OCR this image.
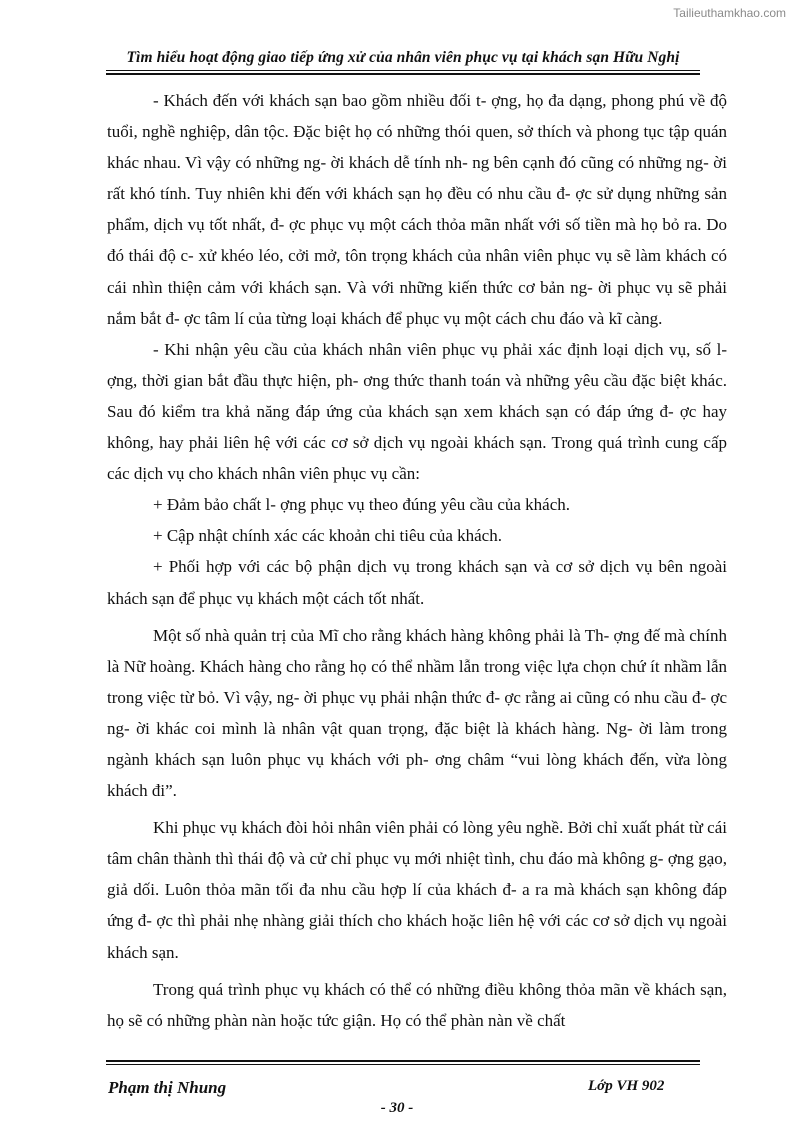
Tailieuthamkhao.com
Tìm hiểu hoạt động giao tiếp ứng xử của nhân viên phục vụ tại khách sạn Hữu Nghị

- Khách đến với khách sạn bao gồm nhiều đối t- ợng, họ đa dạng, phong phú về độ tuổi, nghề nghiệp, dân tộc. Đặc biệt họ có những thói quen, sở thích và phong tục tập quán khác nhau. Vì vậy có những ng- ời khách dễ tính nh- ng bên cạnh đó cũng có những ng- ời rất khó tính. Tuy nhiên khi đến với khách sạn họ đều có nhu cầu đ- ợc sử dụng những sản phẩm, dịch vụ tốt nhất, đ- ợc phục vụ một cách thỏa mãn nhất với số tiền mà họ bỏ ra. Do đó thái độ c- xử khéo léo, cởi mở, tôn trọng khách của nhân viên phục vụ sẽ làm khách có cái nhìn thiện cảm với khách sạn. Và với những kiến thức cơ bản ng- ời phục vụ sẽ phải nắm bắt đ- ợc tâm lí của từng loại khách để phục vụ một cách chu đáo và kĩ càng.

- Khi nhận yêu cầu của khách nhân viên phục vụ phải xác định loại dịch vụ, số l- ợng, thời gian bắt đầu thực hiện, ph- ơng thức thanh toán và những yêu cầu đặc biệt khác. Sau đó kiểm tra khả năng đáp ứng của khách sạn xem khách sạn có đáp ứng đ- ợc hay không, hay phải liên hệ với các cơ sở dịch vụ ngoài khách sạn. Trong quá trình cung cấp các dịch vụ cho khách nhân viên phục vụ cần:

+ Đảm bảo chất l- ợng phục vụ theo đúng yêu cầu của khách.

+ Cập nhật chính xác các khoản chi tiêu của khách.

+ Phối hợp với các bộ phận dịch vụ trong khách sạn và cơ sở dịch vụ bên ngoài khách sạn để phục vụ khách một cách tốt nhất.

Một số nhà quản trị của Mĩ cho rằng khách hàng không phải là Th- ợng đế mà chính là Nữ hoàng. Khách hàng cho rằng họ có thể nhầm lẫn trong việc lựa chọn chứ ít nhầm lẫn trong việc từ bỏ. Vì vậy, ng- ời phục vụ phải nhận thức đ- ợc rằng ai cũng có nhu cầu đ- ợc ng- ời khác coi mình là nhân vật quan trọng, đặc biệt là khách hàng. Ng- ời làm trong ngành khách sạn luôn phục vụ khách với ph- ơng châm “vui lòng khách đến, vừa lòng khách đi”.

Khi phục vụ khách đòi hỏi nhân viên phải có lòng yêu nghề. Bởi chỉ xuất phát từ cái tâm chân thành thì thái độ và cử chỉ phục vụ mới nhiệt tình, chu đáo mà không g- ợng gạo, giả dối. Luôn thỏa mãn tối đa nhu cầu hợp lí của khách đ- a ra mà khách sạn không đáp ứng đ- ợc thì phải nhẹ nhàng giải thích cho khách hoặc liên hệ với các cơ sở dịch vụ ngoài khách sạn.

Trong quá trình phục vụ khách có thể có những điều không thỏa mãn về khách sạn, họ sẽ có những phàn nàn hoặc tức giận. Họ có thể phàn nàn về chất

Phạm thị Nhung	Lớp VH 902
- 30 -
